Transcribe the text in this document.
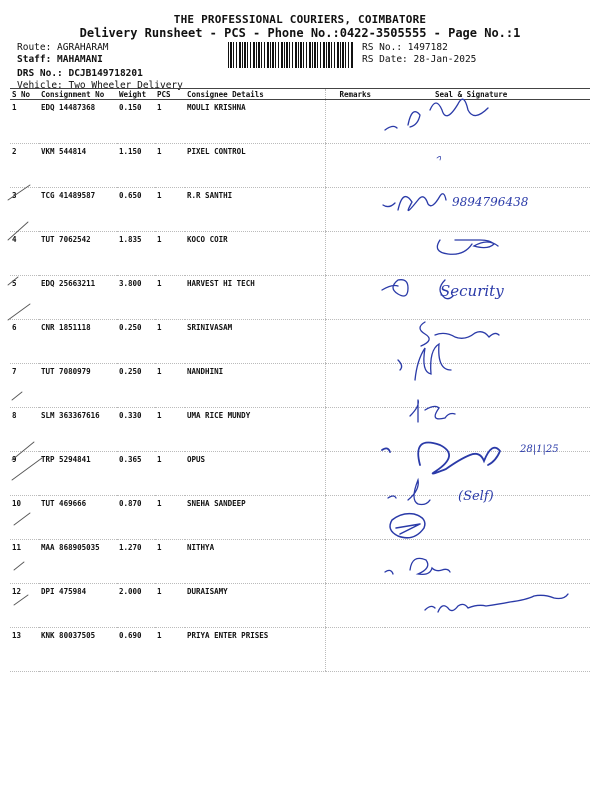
THE PROFESSIONAL COURIERS, COIMBATORE
Delivery Runsheet - PCS - Phone No.:0422-3505555 - Page No.:1
Route: AGRAHARAM
Staff: MAHAMANI
DRS No.: DCJB149718201
Vehicle: Two Wheeler Delivery
RS No.: 1497182
RS Date: 28-Jan-2025
S No	Consignment No	Weight	PCS	Consignee Details	Remarks	Seal & Signature
1	EDQ 14487368	0.150	1	MOULI KRISHNA		
2	VKM 544814	1.150	1	PIXEL CONTROL		
3	TCG 41489587	0.650	1	R.R SANTHI		
4	TUT 7062542	1.835	1	KOCO COIR		
5	EDQ 25663211	3.800	1	HARVEST HI TECH		
6	CNR 1851118	0.250	1	SRINIVASAM		
7	TUT 7080979	0.250	1	NANDHINI		
8	SLM 363367616	0.330	1	UMA RICE MUNDY		
9	TRP 5294841	0.365	1	OPUS		
10	TUT 469666	0.870	1	SNEHA SANDEEP		
11	MAA 868905035	1.270	1	NITHYA		
12	DPI 475984	2.000	1	DURAISAMY		
13	KNK 80037505	0.690	1	PRIYA ENTER PRISES		
9894796438
Security
(Self)
28|1|25
